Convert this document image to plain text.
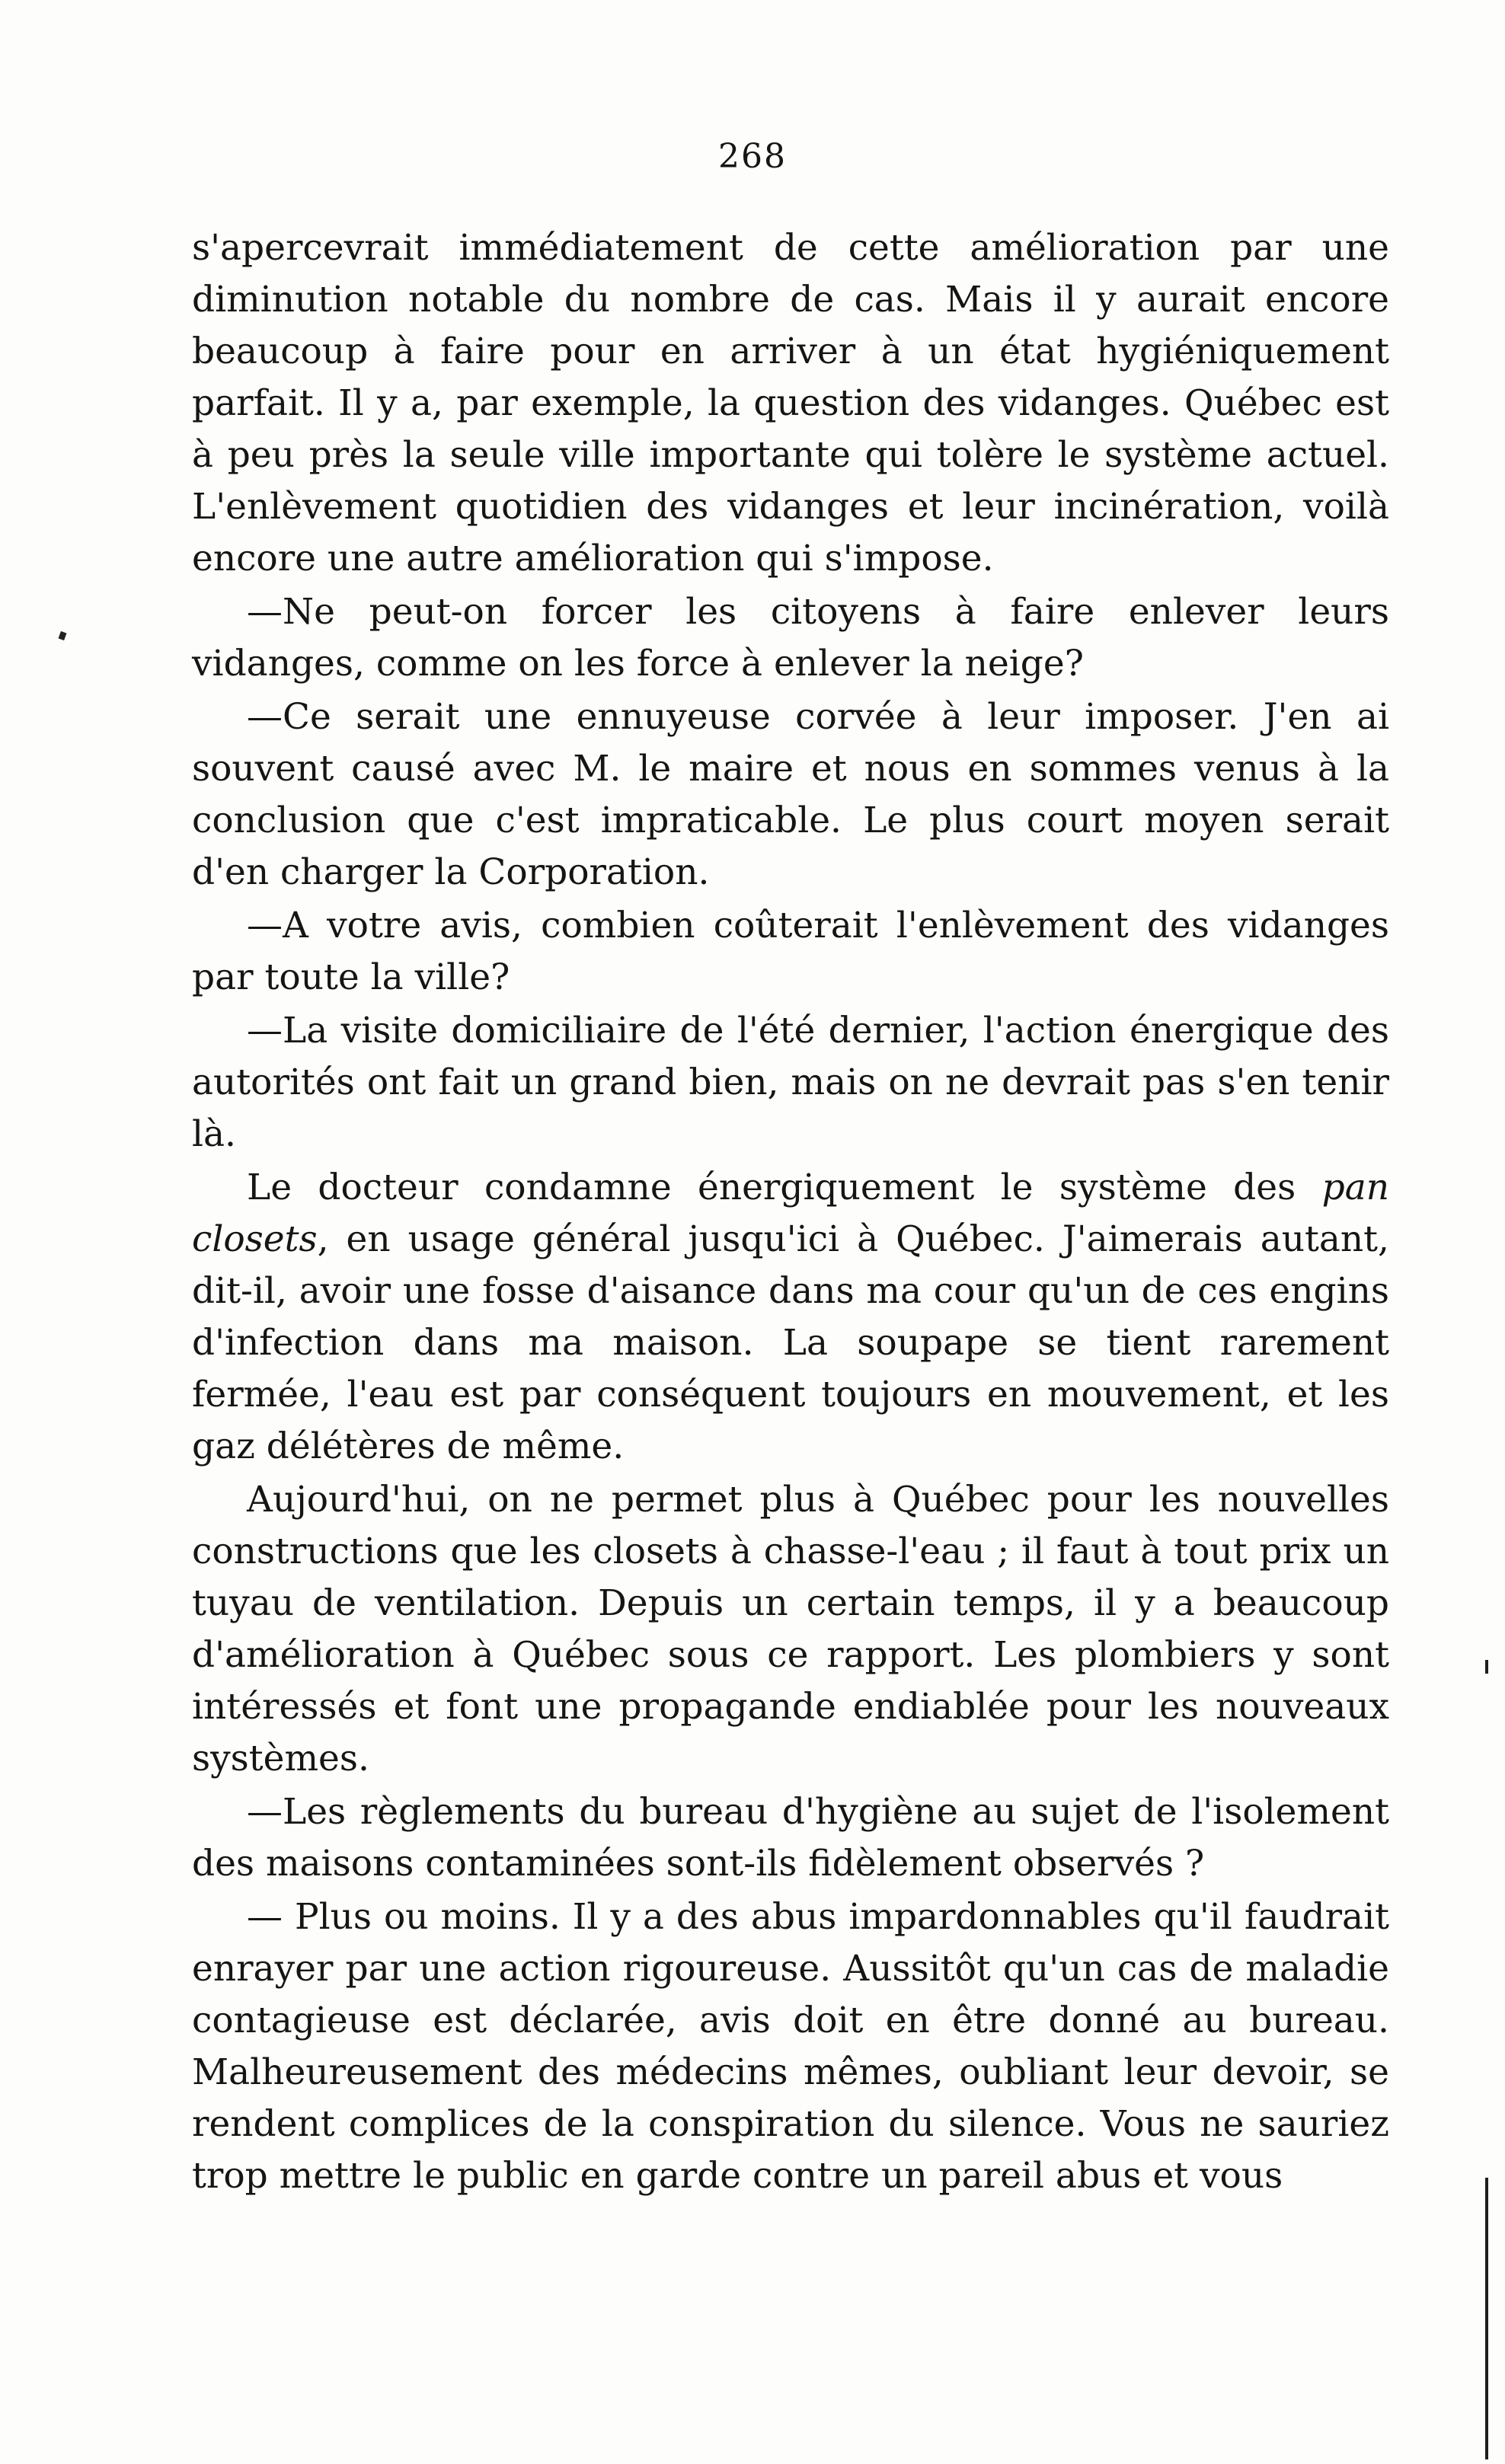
268

s'apercevrait immédiatement de cette amélioration par une diminution notable du nombre de cas. Mais il y aurait encore beaucoup à faire pour en arriver à un état hygiéniquement parfait. Il y a, par exemple, la question des vidanges. Québec est à peu près la seule ville importante qui tolère le système actuel. L'enlèvement quotidien des vidanges et leur incinération, voilà encore une autre amélioration qui s'impose.

—Ne peut-on forcer les citoyens à faire enlever leurs vidanges, comme on les force à enlever la neige?

—Ce serait une ennuyeuse corvée à leur imposer. J'en ai souvent causé avec M. le maire et nous en sommes venus à la conclusion que c'est impraticable. Le plus court moyen serait d'en charger la Corporation.

—A votre avis, combien coûterait l'enlèvement des vidanges par toute la ville?

—La visite domiciliaire de l'été dernier, l'action énergique des autorités ont fait un grand bien, mais on ne devrait pas s'en tenir là.

Le docteur condamne énergiquement le système des pan closets, en usage général jusqu'ici à Québec. J'aimerais autant, dit-il, avoir une fosse d'aisance dans ma cour qu'un de ces engins d'infection dans ma maison. La soupape se tient rarement fermée, l'eau est par conséquent toujours en mouvement, et les gaz délétères de même.

Aujourd'hui, on ne permet plus à Québec pour les nouvelles constructions que les closets à chasse-l'eau ; il faut à tout prix un tuyau de ventilation. Depuis un certain temps, il y a beaucoup d'amélioration à Québec sous ce rapport. Les plombiers y sont intéressés et font une propagande endiablée pour les nouveaux systèmes.

—Les règlements du bureau d'hygiène au sujet de l'isolement des maisons contaminées sont-ils fidèlement observés ?

— Plus ou moins. Il y a des abus impardonnables qu'il faudrait enrayer par une action rigoureuse. Aussitôt qu'un cas de maladie contagieuse est déclarée, avis doit en être donné au bureau. Malheureusement des médecins mêmes, oubliant leur devoir, se rendent complices de la conspiration du silence. Vous ne sauriez trop mettre le public en garde contre un pareil abus et vous
